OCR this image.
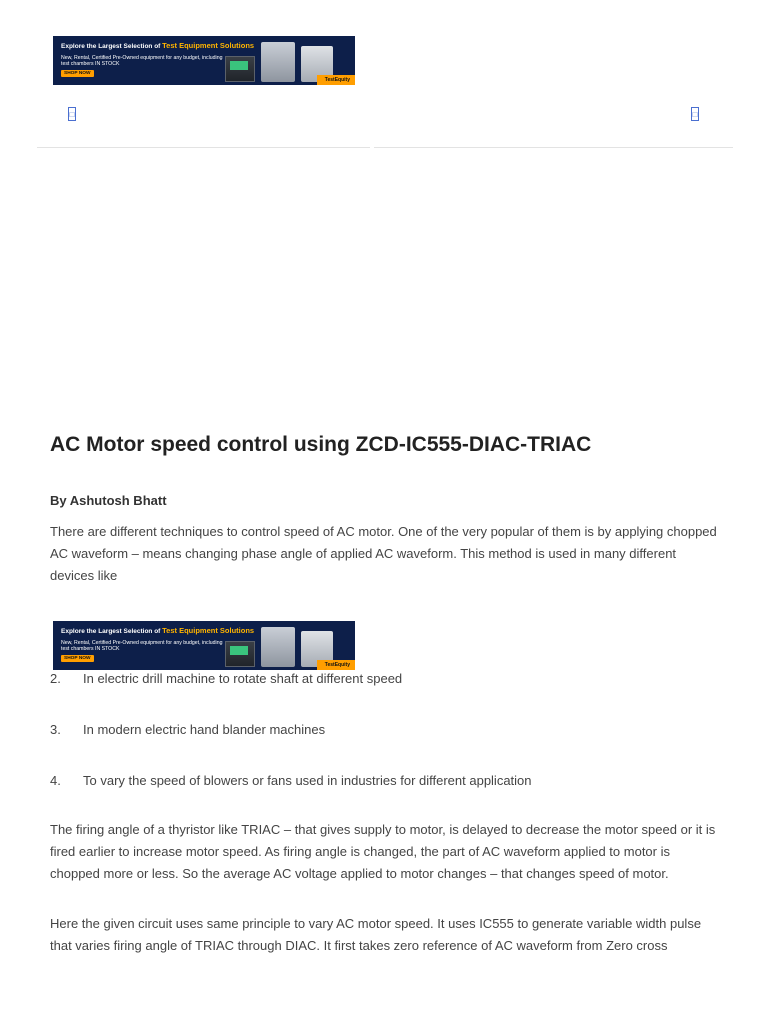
Explore the Largest Selection of Test Equipment Solutions
New, Rental, Certified Pre-Owned equipment for any budget, including test chambers IN STOCK
SHOP NOW
TestEquity
□	□
AC Motor speed control using ZCD-IC555-DIAC-TRIAC
By Ashutosh Bhatt

There are different techniques to control speed of AC motor. One of the very popular of them is by applying chopped AC waveform – means changing phase angle of applied AC waveform. This method is used in many different devices like

Explore the Largest Selection of Test Equipment Solutions
New, Rental, Certified Pre-Owned equipment for any budget, including test chambers IN STOCK
SHOP NOW
TestEquity
2. In electric drill machine to rotate shaft at different speed
3. In modern electric hand blander machines
4. To vary the speed of blowers or fans used in industries for different application

The firing angle of a thyristor like TRIAC – that gives supply to motor, is delayed to decrease the motor speed or it is fired earlier to increase motor speed. As firing angle is changed, the part of AC waveform applied to motor is chopped more or less. So the average AC voltage applied to motor changes – that changes speed of motor.

Here the given circuit uses same principle to vary AC motor speed. It uses IC555 to generate variable width pulse that varies firing angle of TRIAC through DIAC. It first takes zero reference of AC waveform from Zero cross
